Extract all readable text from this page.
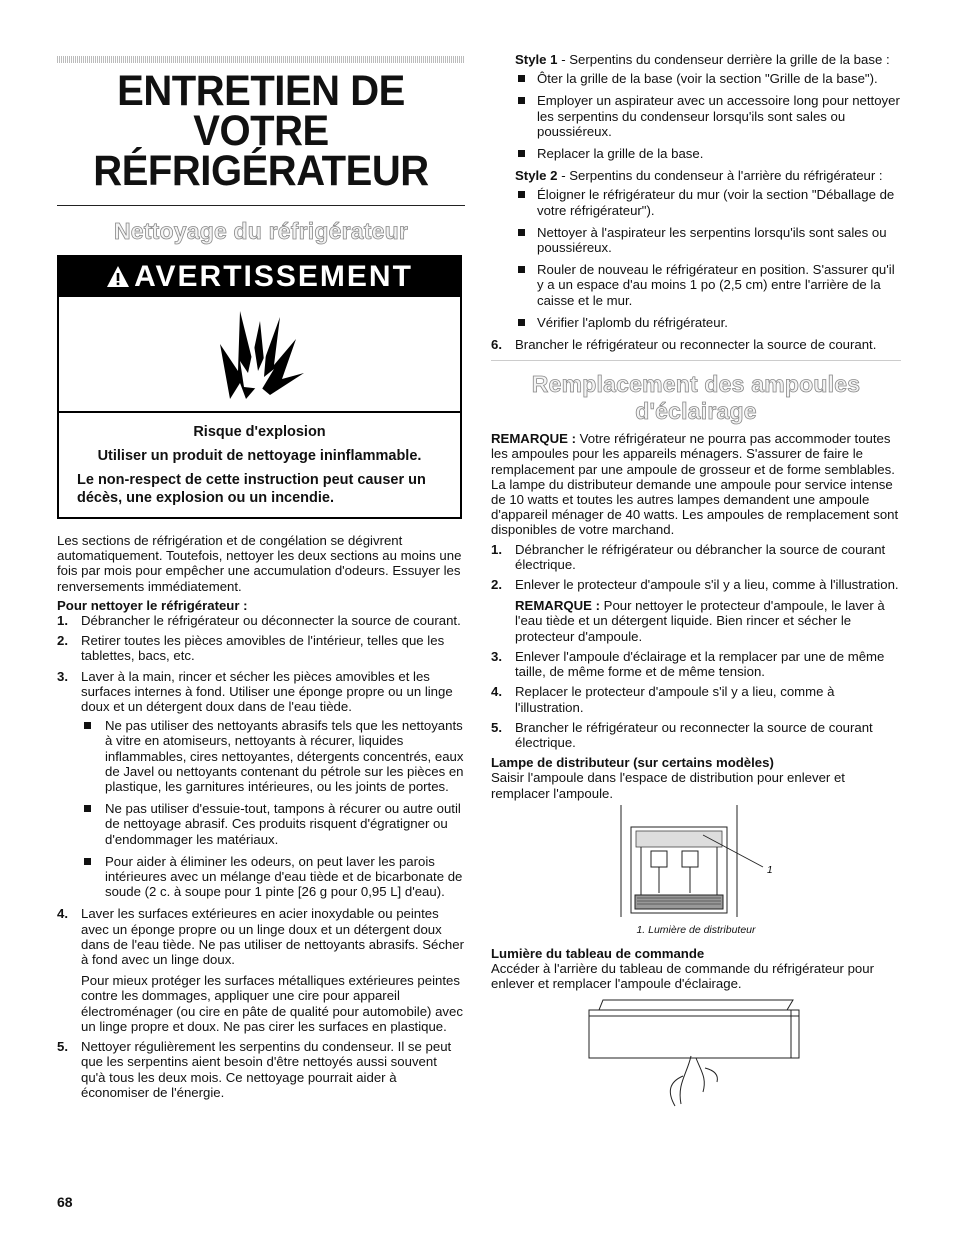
ENTRETIEN DE VOTRE
RÉFRIGÉRATEUR
Nettoyage du réfrigérateur
AVERTISSEMENT

Risque d'explosion

Utiliser un produit de nettoyage ininflammable.

Le non-respect de cette instruction peut causer un décès, une explosion ou un incendie.

Les sections de réfrigération et de congélation se dégivrent automatiquement. Toutefois, nettoyer les deux sections au moins une fois par mois pour empêcher une accumulation d'odeurs. Essuyer les renversements immédiatement.

Pour nettoyer le réfrigérateur :
1. Débrancher le réfrigérateur ou déconnecter la source de courant.
2. Retirer toutes les pièces amovibles de l'intérieur, telles que les tablettes, bacs, etc.
3. Laver à la main, rincer et sécher les pièces amovibles et les surfaces internes à fond. Utiliser une éponge propre ou un linge doux et un détergent doux dans de l'eau tiède.
Ne pas utiliser des nettoyants abrasifs tels que les nettoyants à vitre en atomiseurs, nettoyants à récurer, liquides inflammables, cires nettoyantes, détergents concentrés, eaux de Javel ou nettoyants contenant du pétrole sur les pièces en plastique, les garnitures intérieures, ou les joints de portes.
Ne pas utiliser d'essuie-tout, tampons à récurer ou autre outil de nettoyage abrasif. Ces produits risquent d'égratigner ou d'endommager les matériaux.
Pour aider à éliminer les odeurs, on peut laver les parois intérieures avec un mélange d'eau tiède et de bicarbonate de soude (2 c. à soupe pour 1 pinte [26 g pour 0,95 L] d'eau).
4. Laver les surfaces extérieures en acier inoxydable ou peintes avec un éponge propre ou un linge doux et un détergent doux dans de l'eau tiède. Ne pas utiliser de nettoyants abrasifs. Sécher à fond avec un linge doux.
Pour mieux protéger les surfaces métalliques extérieures peintes contre les dommages, appliquer une cire pour appareil électroménager (ou cire en pâte de qualité pour automobile) avec un linge propre et doux. Ne pas cirer les surfaces en plastique.
5. Nettoyer régulièrement les serpentins du condenseur. Il se peut que les serpentins aient besoin d'être nettoyés aussi souvent qu'à tous les deux mois. Ce nettoyage pourrait aider à économiser de l'énergie.

Style 1 - Serpentins du condenseur derrière la grille de la base :

Ôter la grille de la base (voir la section "Grille de la base").
Employer un aspirateur avec un accessoire long pour nettoyer les serpentins du condenseur lorsqu'ils sont sales ou poussiéreux.
Replacer la grille de la base.

Style 2 - Serpentins du condenseur à l'arrière du réfrigérateur :

Éloigner le réfrigérateur du mur (voir la section "Déballage de votre réfrigérateur").
Nettoyer à l'aspirateur les serpentins lorsqu'ils sont sales ou poussiéreux.
Rouler de nouveau le réfrigérateur en position. S'assurer qu'il y a un espace d'au moins 1 po (2,5 cm) entre l'arrière de la caisse et le mur.
Vérifier l'aplomb du réfrigérateur.
6. Brancher le réfrigérateur ou reconnecter la source de courant.
Remplacement des ampoules
d'éclairage

REMARQUE : Votre réfrigérateur ne pourra pas accommoder toutes les ampoules pour les appareils ménagers. S'assurer de faire le remplacement par une ampoule de grosseur et de forme semblables. La lampe du distributeur demande une ampoule pour service intense de 10 watts et toutes les autres lampes demandent une ampoule d'appareil ménager de 40 watts. Les ampoules de remplacement sont disponibles de votre marchand.

1. Débrancher le réfrigérateur ou débrancher la source de courant électrique.
2. Enlever le protecteur d'ampoule s'il y a lieu, comme à l'illustration.
REMARQUE : Pour nettoyer le protecteur d'ampoule, le laver à l'eau tiède et un détergent liquide. Bien rincer et sécher le protecteur d'ampoule.
3. Enlever l'ampoule d'éclairage et la remplacer par une de même taille, de même forme et de même tension.
4. Replacer le protecteur d'ampoule s'il y a lieu, comme à l'illustration.
5. Brancher le réfrigérateur ou reconnecter la source de courant électrique.
Lampe de distributeur (sur certains modèles)

Saisir l'ampoule dans l'espace de distribution pour enlever et remplacer l'ampoule.

1
1. Lumière de distributeur
Lumière du tableau de commande

Accéder à l'arrière du tableau de commande du réfrigérateur pour enlever et remplacer l'ampoule d'éclairage.

68
